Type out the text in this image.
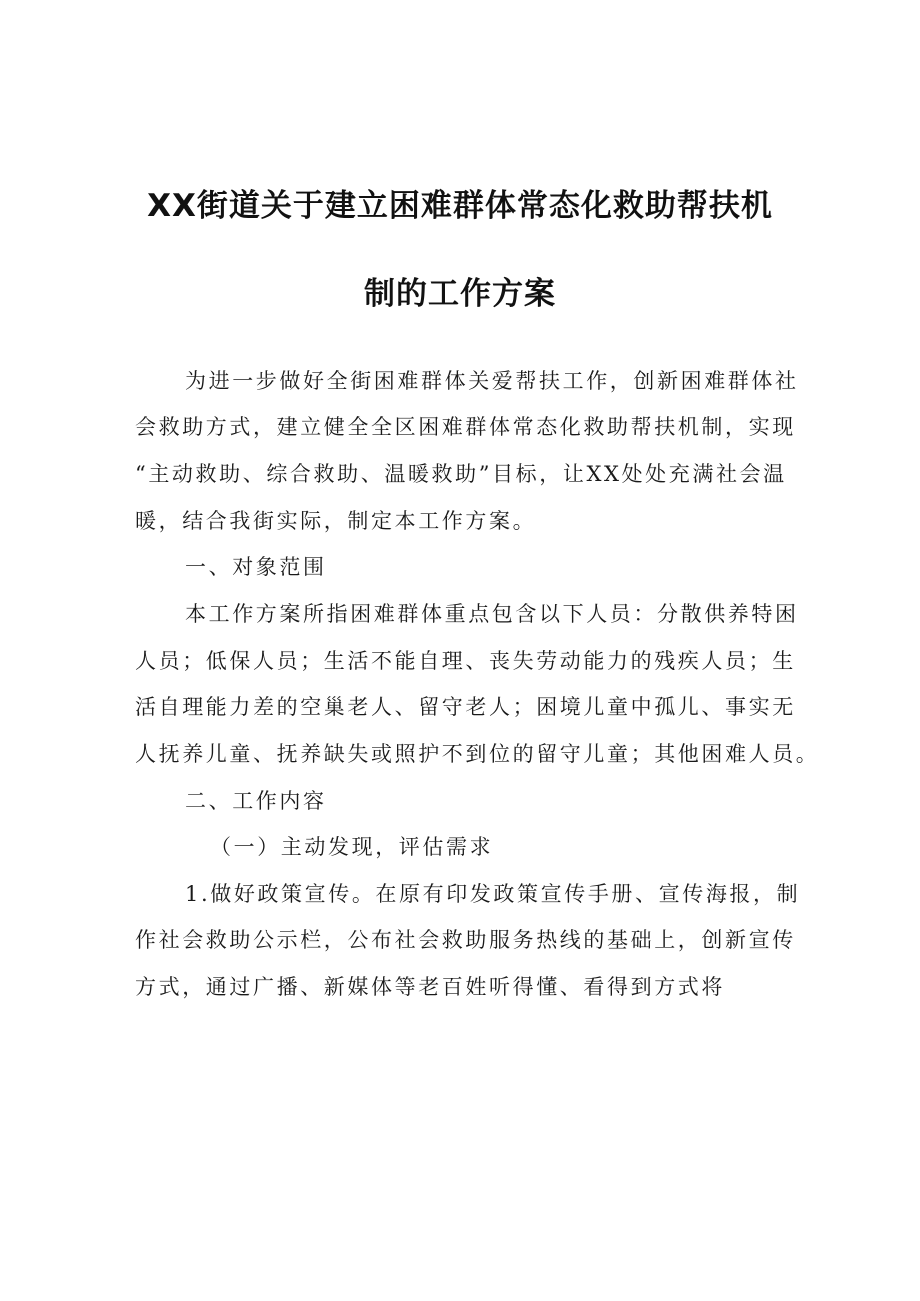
XX街道关于建立困难群体常态化救助帮扶机
制的工作方案
为进一步做好全街困难群体关爱帮扶工作，创新困难群体社
会救助方式，建立健全全区困难群体常态化救助帮扶机制，实现
“主动救助、综合救助、温暖救助”目标，让XX处处充满社会温
暖，结合我街实际，制定本工作方案。
一、对象范围
本工作方案所指困难群体重点包含以下人员：分散供养特困
人员；低保人员；生活不能自理、丧失劳动能力的残疾人员；生
活自理能力差的空巢老人、留守老人；困境儿童中孤儿、事实无
人抚养儿童、抚养缺失或照护不到位的留守儿童；其他困难人员。
二、工作内容
（一）主动发现，评估需求
1.做好政策宣传。在原有印发政策宣传手册、宣传海报，制
作社会救助公示栏，公布社会救助服务热线的基础上，创新宣传
方式，通过广播、新媒体等老百姓听得懂、看得到方式将
